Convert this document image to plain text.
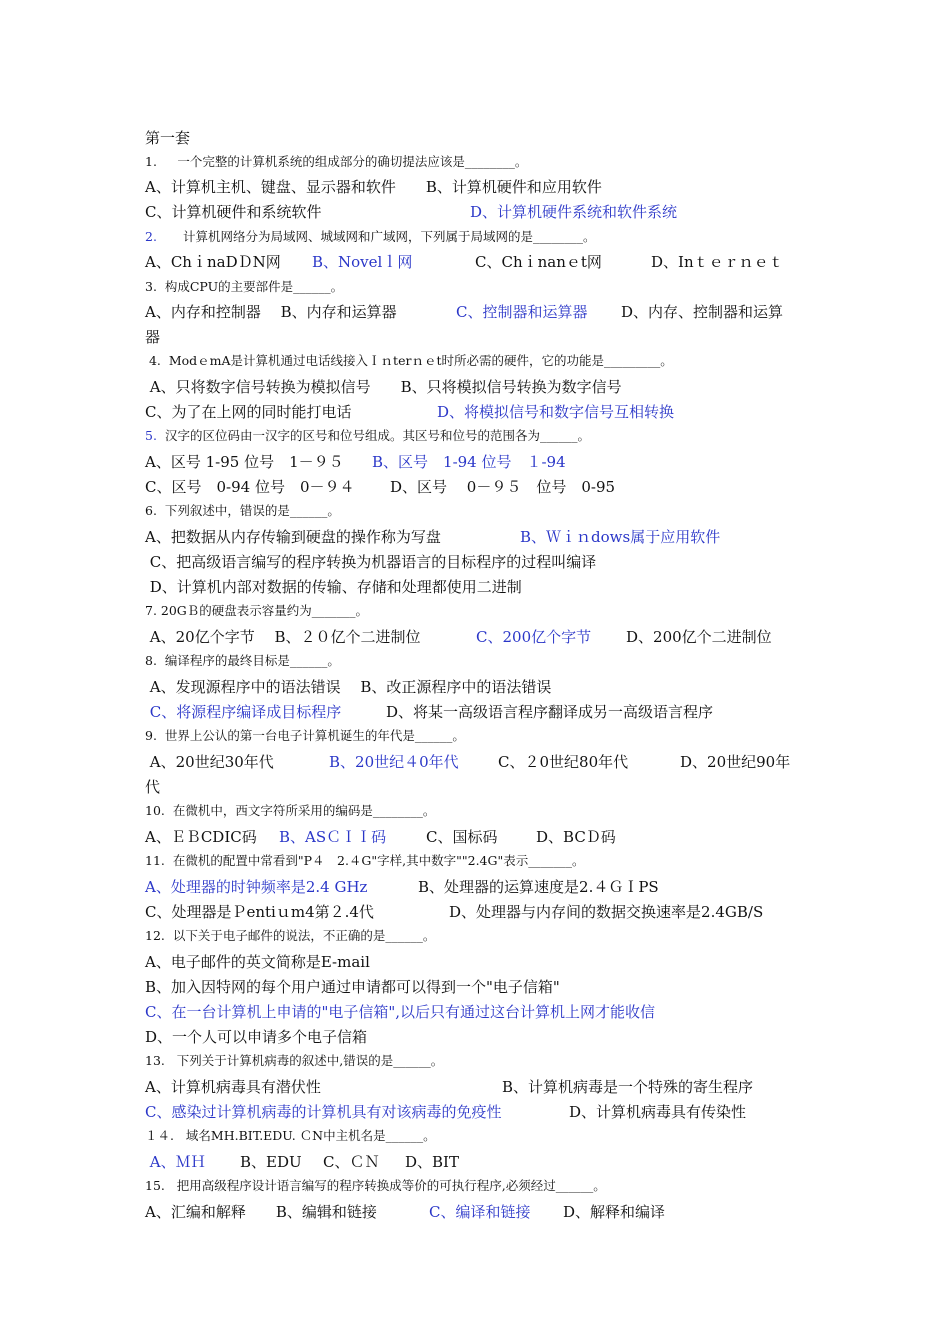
第一套
1.　  一个完整的计算机系统的组成部分的确切提法应该是________。
A、计算机主机、键盘、显示器和软件　　B、计算机硬件和应用软件
C、计算机硬件和系统软件	D、计算机硬件系统和软件系统
2. 计算机网络分为局域网、城域网和广域网，下列属于局域网的是________。
A、ChｉnaDＤN网 B、Novelｌ网	C、Chｉnanｅt网	D、Inｔｅｒｎｅｔ
3.  构成CPU的主要部件是______。
A、内存和控制器　 B、内存和运算器	C、控制器和运算器 D、内存、控制器和运算
器
4.  ModｅmA是计算机通过电话线接入Ｉｎterｎｅt时所必需的硬件，它的功能是_________。
A、只将数字信号转换为模拟信号　　B、只将模拟信号转换为数字信号
C、为了在上网的同时能打电话	D、将模拟信号和数字信号互相转换
5. 汉字的区位码由一汉字的区号和位号组成。其区号和位号的范围各为______。
A、区号 1-95 位号　1－９５ B、区号　1-94 位号　１-94
C、区号　0-94 位号　0－９４ D、区号　 0－９５　位号　0-95
6.  下列叙述中，错误的是______。
A、把数据从内存传输到硬盘的操作称为写盘	B、Ｗｉｎdows属于应用软件
C、把高级语言编写的程序转换为机器语言的目标程序的过程叫编译
D、计算机内部对数据的传输、存储和处理都使用二进制
7. 20GＢ的硬盘表示容量约为_______。
A、20亿个字节　 B、２０亿个二进制位	C、200亿个字节 D、200亿个二进制位
8.  编译程序的最终目标是______。
A、发现源程序中的语法错误　 B、改正源程序中的语法错误
C、将源程序编译成目标程序	D、将某一高级语言程序翻译成另一高级语言程序
9.  世界上公认的第一台电子计算机诞生的年代是______。
A、20世纪30年代	B、20世纪４0年代	C、２0世纪80年代	D、20世纪90年
代
10.  在微机中，西文字符所采用的编码是________。
A、ＥＢCDIC码 B、ASＣＩＩ码	C、国标码	D、BCＤ码
11.  在微机的配置中常看到"P４　2.４G"字样,其中数字""2.4G"表示_______。
A、处理器的时钟频率是2.4 GHz	B、处理器的运算速度是2.４ＧＩPS
C、处理器是Ｐentiｕm4第２.4代	D、处理器与内存间的数据交换速率是2.4GB/S
12.  以下关于电子邮件的说法，不正确的是______。
A、电子邮件的英文简称是E-mail
B、加入因特网的每个用户通过申请都可以得到一个"电子信箱"
C、在一台计算机上申请的"电子信箱",以后只有通过这台计算机上网才能收信
D、一个人可以申请多个电子信箱
13.   下列关于计算机病毒的叙述中,错误的是______。
A、计算机病毒具有潜伏性	B、计算机病毒是一个特殊的寄生程序
C、感染过计算机病毒的计算机具有对该病毒的免疫性	D、计算机病毒具有传染性
１４.   域名MH.BIT.EDU. ＣN中主机名是______。
A、ＭＨ B、EDU C、ＣＮ D、BIT
15.   把用高级程序设计语言编写的程序转换成等价的可执行程序,必须经过______。
A、汇编和解释　　B、编辑和链接	C、编译和链接 D、解释和编译
